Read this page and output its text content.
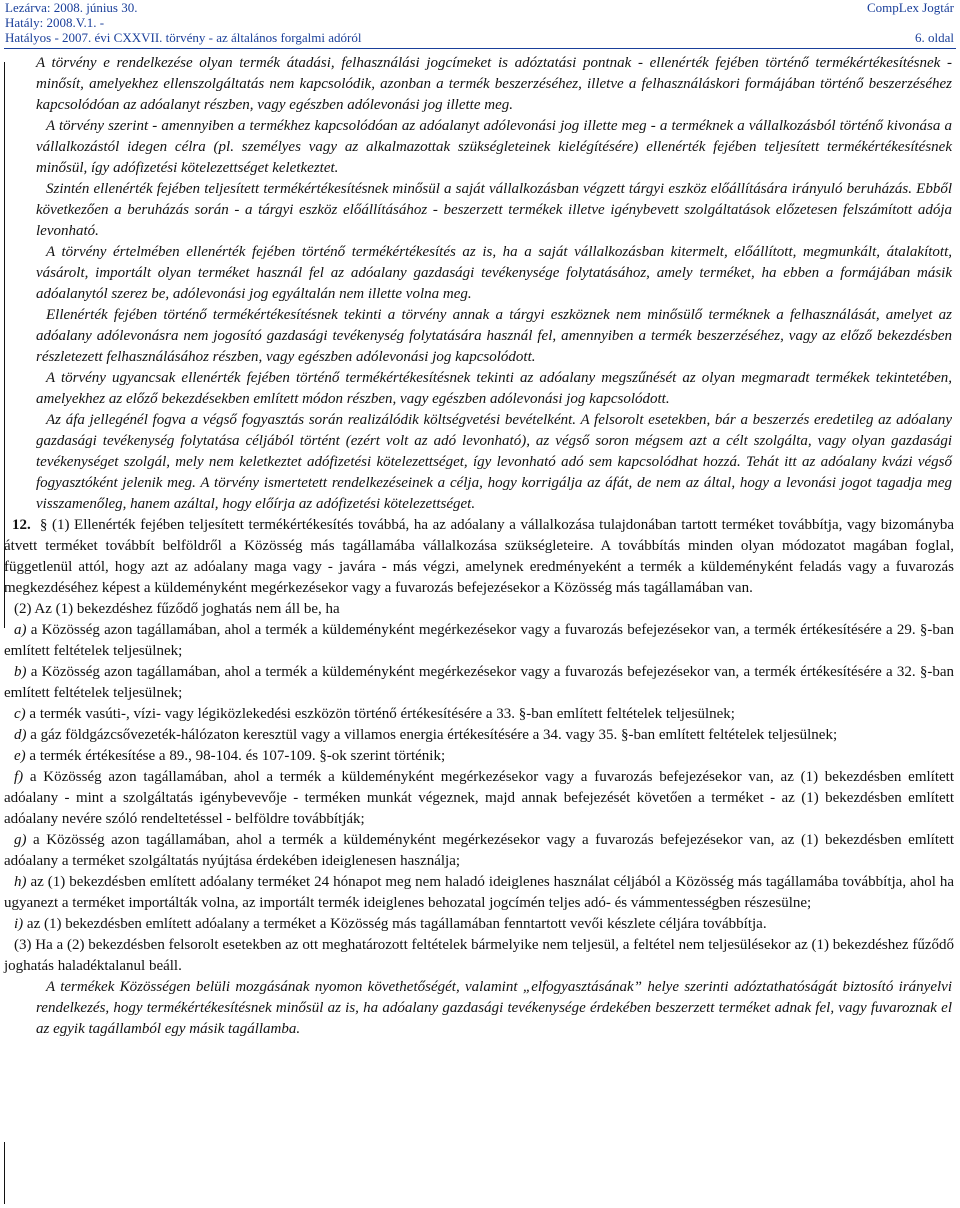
Lezárva: 2008. június 30.
Hatály: 2008.V.1. -
Hatályos - 2007. évi CXXVII. törvény - az általános forgalmi adóról
CompLex Jogtár

6. oldal

A törvény e rendelkezése olyan termék átadási, felhasználási jogcímeket is adóztatási pontnak - ellenérték fejében történő termékértékesítésnek - minősít, amelyekhez ellenszolgáltatás nem kapcsolódik, azonban a termék beszerzéséhez, illetve a felhasználáskori formájában történő beszerzéséhez kapcsolódóan az adóalanyt részben, vagy egészben adólevonási jog illette meg.

A törvény szerint - amennyiben a termékhez kapcsolódóan az adóalanyt adólevonási jog illette meg - a terméknek a vállalkozásból történő kivonása a vállalkozástól idegen célra (pl. személyes vagy az alkalmazottak szükségleteinek kielégítésére) ellenérték fejében teljesített termékértékesítésnek minősül, így adófizetési kötelezettséget keletkeztet.

Szintén ellenérték fejében teljesített termékértékesítésnek minősül a saját vállalkozásban végzett tárgyi eszköz előállítására irányuló beruházás. Ebből következően a beruházás során - a tárgyi eszköz előállításához - beszerzett termékek illetve igénybevett szolgáltatások előzetesen felszámított adója levonható.

A törvény értelmében ellenérték fejében történő termékértékesítés az is, ha a saját vállalkozásban kitermelt, előállított, megmunkált, átalakított, vásárolt, importált olyan terméket használ fel az adóalany gazdasági tevékenysége folytatásához, amely terméket, ha ebben a formájában másik adóalanytól szerez be, adólevonási jog egyáltalán nem illette volna meg.

Ellenérték fejében történő termékértékesítésnek tekinti a törvény annak a tárgyi eszköznek nem minősülő terméknek a felhasználását, amelyet az adóalany adólevonásra nem jogosító gazdasági tevékenység folytatására használ fel, amennyiben a termék beszerzéséhez, vagy az előző bekezdésben részletezett felhasználásához részben, vagy egészben adólevonási jog kapcsolódott.

A törvény ugyancsak ellenérték fejében történő termékértékesítésnek tekinti az adóalany megszűnését az olyan megmaradt termékek tekintetében, amelyekhez az előző bekezdésekben említett módon részben, vagy egészben adólevonási jog kapcsolódott.

Az áfa jellegénél fogva a végső fogyasztás során realizálódik költségvetési bevételként. A felsorolt esetekben, bár a beszerzés eredetileg az adóalany gazdasági tevékenység folytatása céljából történt (ezért volt az adó levonható), az végső soron mégsem azt a célt szolgálta, vagy olyan gazdasági tevékenységet szolgál, mely nem keletkeztet adófizetési kötelezettséget, így levonható adó sem kapcsolódhat hozzá. Tehát itt az adóalany kvázi végső fogyasztóként jelenik meg. A törvény ismertetett rendelkezéseinek a célja, hogy korrigálja az áfát, de nem az által, hogy a levonási jogot tagadja meg visszamenőleg, hanem azáltal, hogy előírja az adófizetési kötelezettséget.

12. § (1) Ellenérték fejében teljesített termékértékesítés továbbá, ha az adóalany a vállalkozása tulajdonában tartott terméket továbbítja, vagy bizományba átvett terméket továbbít belföldről a Közösség más tagállamába vállalkozása szükségleteire. A továbbítás minden olyan módozatot magában foglal, függetlenül attól, hogy azt az adóalany maga vagy - javára - más végzi, amelynek eredményeként a termék a küldeményként feladás vagy a fuvarozás megkezdéséhez képest a küldeményként megérkezésekor vagy a fuvarozás befejezésekor a Közösség más tagállamában van.

(2) Az (1) bekezdéshez fűződő joghatás nem áll be, ha

a) a Közösség azon tagállamában, ahol a termék a küldeményként megérkezésekor vagy a fuvarozás befejezésekor van, a termék értékesítésére a 29. §-ban említett feltételek teljesülnek;

b) a Közösség azon tagállamában, ahol a termék a küldeményként megérkezésekor vagy a fuvarozás befejezésekor van, a termék értékesítésére a 32. §-ban említett feltételek teljesülnek;

c) a termék vasúti-, vízi- vagy légiközlekedési eszközön történő értékesítésére a 33. §-ban említett feltételek teljesülnek;

d) a gáz földgázcsővezeték-hálózaton keresztül vagy a villamos energia értékesítésére a 34. vagy 35. §-ban említett feltételek teljesülnek;

e) a termék értékesítése a 89., 98-104. és 107-109. §-ok szerint történik;

f) a Közösség azon tagállamában, ahol a termék a küldeményként megérkezésekor vagy a fuvarozás befejezésekor van, az (1) bekezdésben említett adóalany - mint a szolgáltatás igénybevevője - terméken munkát végeznek, majd annak befejezését követően a terméket - az (1) bekezdésben említett adóalany nevére szóló rendeltetéssel - belföldre továbbítják;

g) a Közösség azon tagállamában, ahol a termék a küldeményként megérkezésekor vagy a fuvarozás befejezésekor van, az (1) bekezdésben említett adóalany a terméket szolgáltatás nyújtása érdekében ideiglenesen használja;

h) az (1) bekezdésben említett adóalany terméket 24 hónapot meg nem haladó ideiglenes használat céljából a Közösség más tagállamába továbbítja, ahol ha ugyanezt a terméket importálták volna, az importált termék ideiglenes behozatal jogcímén teljes adó- és vámmentességben részesülne;

i) az (1) bekezdésben említett adóalany a terméket a Közösség más tagállamában fenntartott vevői készlete céljára továbbítja.

(3) Ha a (2) bekezdésben felsorolt esetekben az ott meghatározott feltételek bármelyike nem teljesül, a feltétel nem teljesülésekor az (1) bekezdéshez fűződő joghatás haladéktalanul beáll.

A termékek Közösségen belüli mozgásának nyomon követhetőségét, valamint „elfogyasztásának” helye szerinti adóztathatóságát biztosító irányelvi rendelkezés, hogy termékértékesítésnek minősül az is, ha adóalany gazdasági tevékenysége érdekében beszerzett terméket adnak fel, vagy fuvaroznak el az egyik tagállamból egy másik tagállamba.
